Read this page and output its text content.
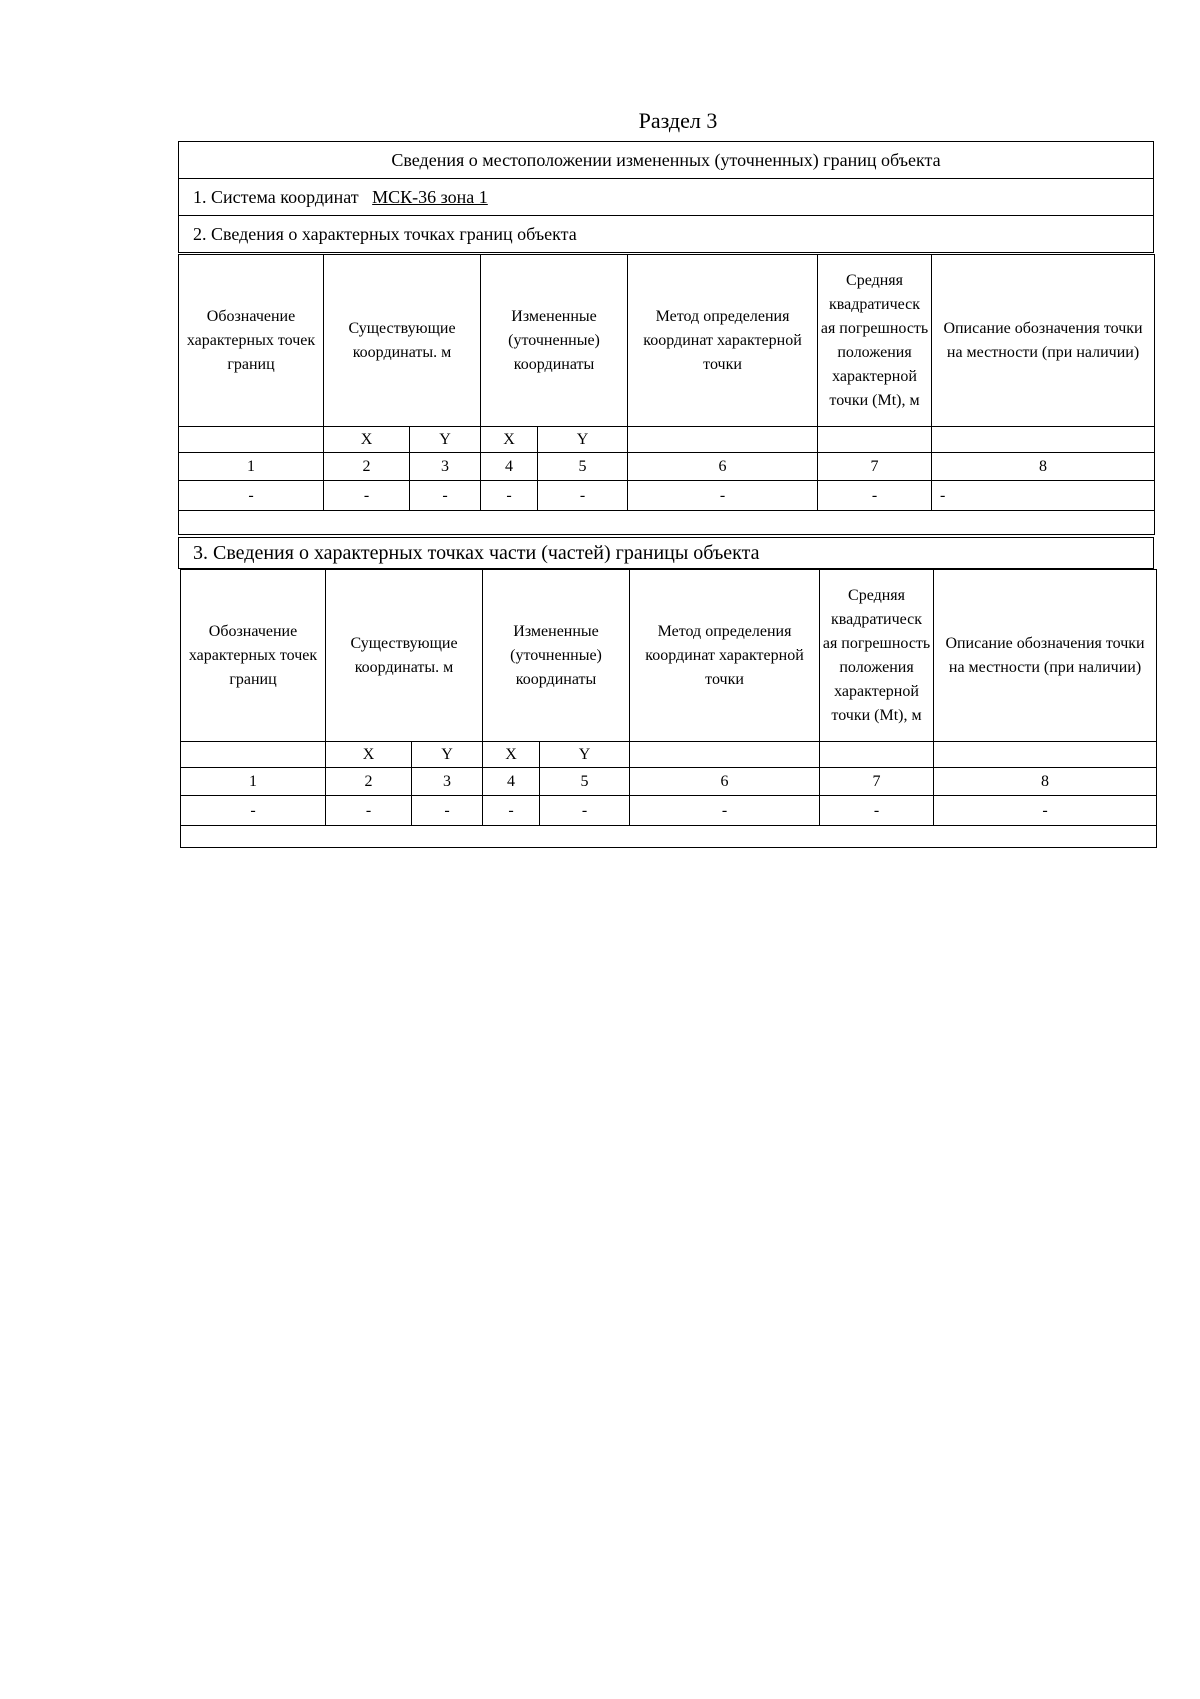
Раздел 3
Сведения о местоположении измененных (уточненных) границ объекта
1. Система координат МСК-36 зона 1
2. Сведения о характерных точках границ объекта
Обозначение характерных точек границ	Существующие координаты. м		Измененные (уточненные) координаты		Метод определения координат характерной точки	Средняя квадратическ ая погрешность положения характерной точки (Mt), м	Описание обозначения точки на местности (при наличии)
	X	Y	X	Y			
1	2	3	4	5	6	7	8
-	-	-	-	-	-	-	-

3. Сведения о характерных точках части (частей) границы объекта
Обозначение характерных точек границ	Существующие координаты. м		Измененные (уточненные) координаты		Метод определения координат характерной точки	Средняя квадратическ ая погрешность положения характерной точки (Mt), м	Описание обозначения точки на местности (при наличии)
	X	Y	X	Y			
1	2	3	4	5	6	7	8
-	-	-	-	-	-	-	-
